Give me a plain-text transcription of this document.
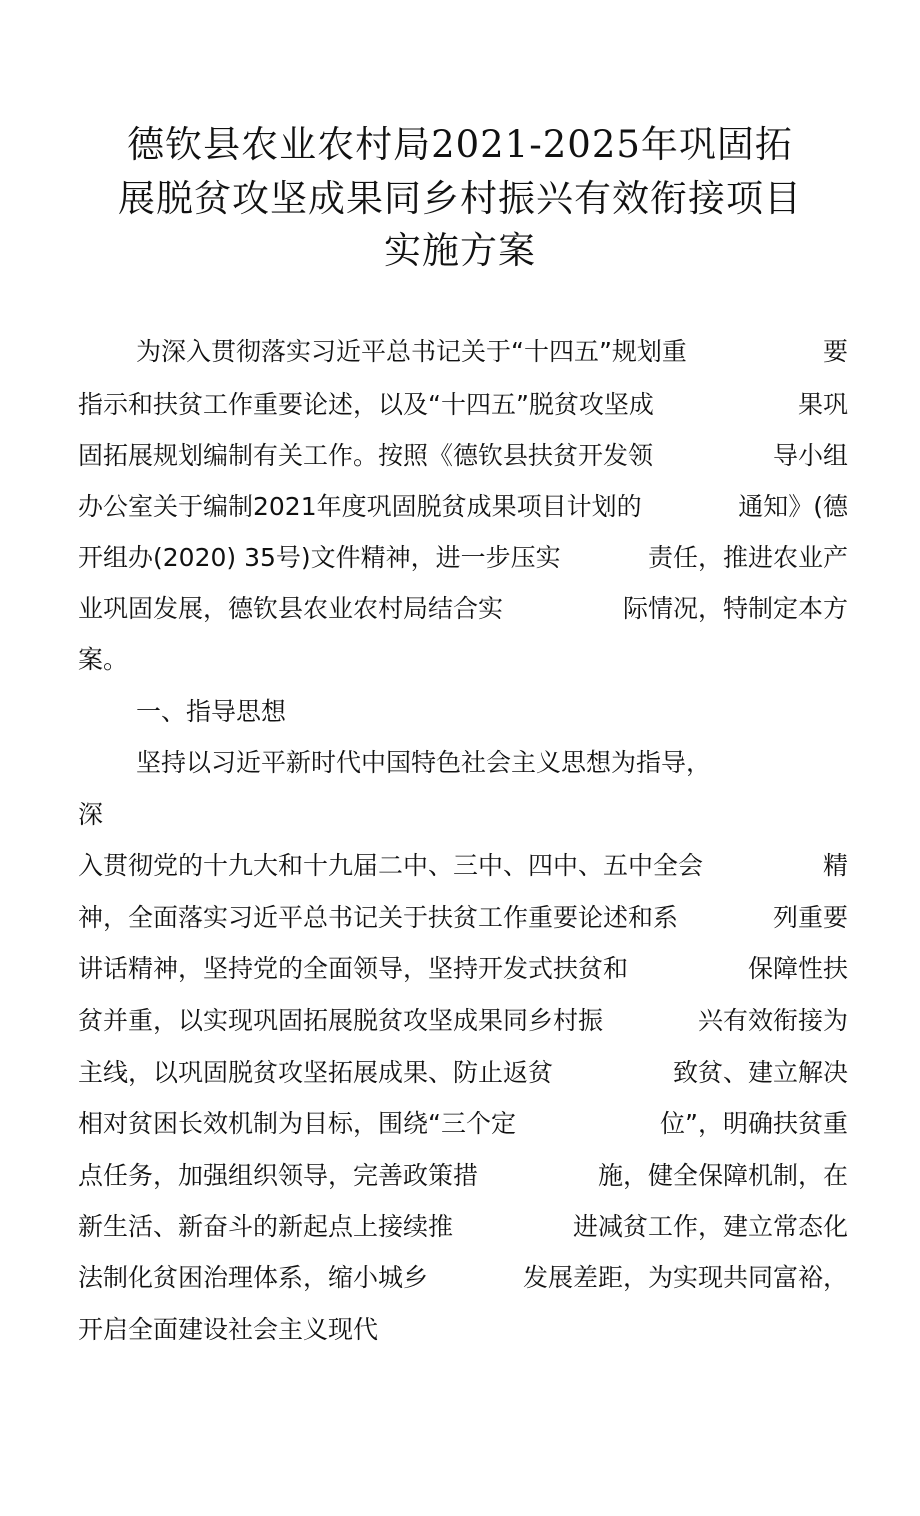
德钦县农业农村局2021-2025年巩固拓
展脱贫攻坚成果同乡村振兴有效衔接项目
实施方案
为深入贯彻落实习近平总书记关于“十四五”规划重	要
指示和扶贫工作重要论述，以及“十四五”脱贫攻坚成	果巩
固拓展规划编制有关工作。按照《德钦县扶贫开发领	导小组
办公室关于编制2021年度巩固脱贫成果项目计划的	通知》(德
开组办(2020) 35号)文件精神，进一步压实	责任，推进农业产
业巩固发展，德钦县农业农村局结合实	际情况，特制定本方
案。
一、指导思想
坚持以习近平新时代中国特色社会主义思想为指导，
深
入贯彻党的十九大和十九届二中、三中、四中、五中全会	精
神，全面落实习近平总书记关于扶贫工作重要论述和系	列重要
讲话精神，坚持党的全面领导，坚持开发式扶贫和	保障性扶
贫并重，以实现巩固拓展脱贫攻坚成果同乡村振	兴有效衔接为
主线，以巩固脱贫攻坚拓展成果、防止返贫	致贫、建立解决
相对贫困长效机制为目标，围绕“三个定	位”，明确扶贫重
点任务，加强组织领导，完善政策措	施，健全保障机制，在
新生活、新奋斗的新起点上接续推	进减贫工作，建立常态化
法制化贫困治理体系，缩小城乡	发展差距，为实现共同富裕，
开启全面建设社会主义现代
